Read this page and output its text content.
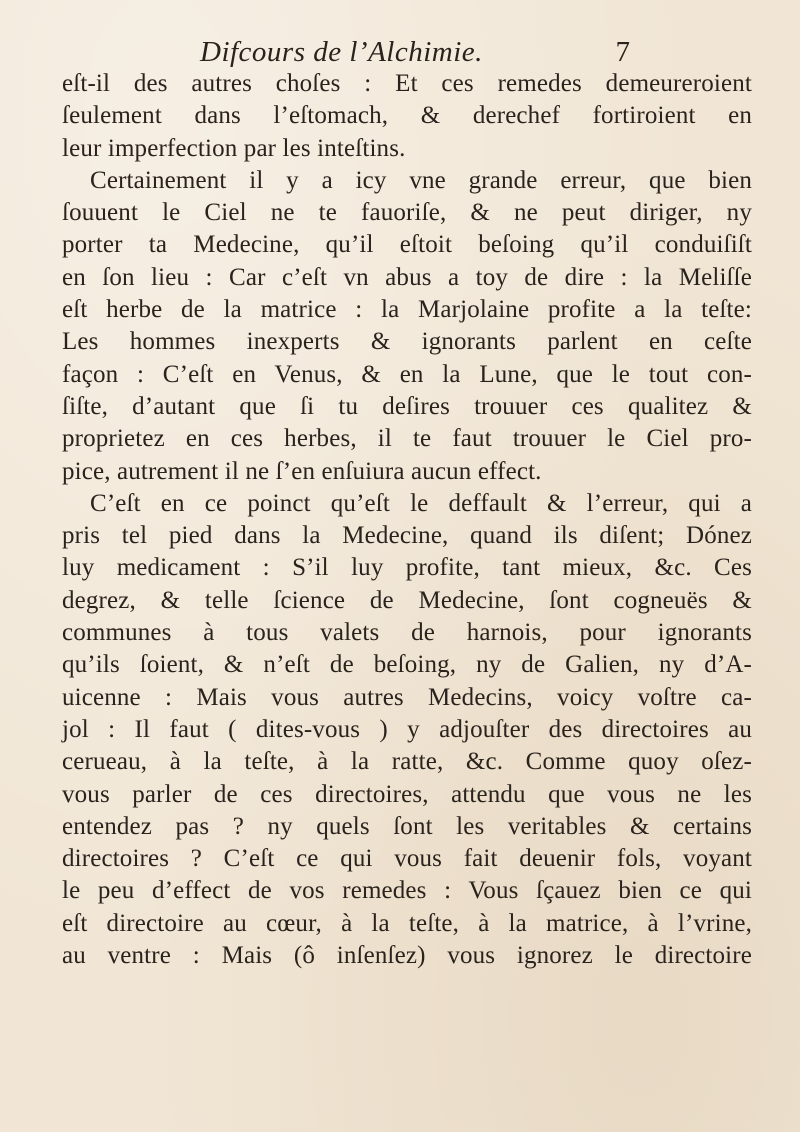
Difcours de l’Alchimie.	7
eſt-il des autres choſes : Et ces remedes demeureroient
ſeulement dans l’eſtomach, & derechef fortiroient en
leur imperfection par les inteſtins.
Certainement il y a icy vne grande erreur, que bien
ſouuent le Ciel ne te fauoriſe, & ne peut diriger, ny
porter ta Medecine, qu’il eſtoit beſoing qu’il conduiſiſt
en ſon lieu : Car c’eſt vn abus a toy de dire : la Meliſſe
eſt herbe de la matrice : la Marjolaine profite a la teſte:
Les hommes inexperts & ignorants parlent en ceſte
façon : C’eſt en Venus, & en la Lune, que le tout con-
ſiſte, d’autant que ſi tu deſires trouuer ces qualitez &
proprietez en ces herbes, il te faut trouuer le Ciel pro-
pice, autrement il ne ſ’en enſuiura aucun effect.
C’eſt en ce poinct qu’eſt le deffault & l’erreur, qui a
pris tel pied dans la Medecine, quand ils diſent; Dónez
luy medicament : S’il luy profite, tant mieux, &c. Ces
degrez, & telle ſcience de Medecine, ſont cogneuës &
communes à tous valets de harnois, pour ignorants
qu’ils ſoient, & n’eſt de beſoing, ny de Galien, ny d’A-
uicenne : Mais vous autres Medecins, voicy voſtre ca-
jol : Il faut ( dites-vous ) y adjouſter des directoires au
cerueau, à la teſte, à la ratte, &c. Comme quoy oſez-
vous parler de ces directoires, attendu que vous ne les
entendez pas ? ny quels ſont les veritables & certains
directoires ? C’eſt ce qui vous fait deuenir fols, voyant
le peu d’effect de vos remedes : Vous ſçauez bien ce qui
eſt directoire au cœur, à la teſte, à la matrice, à l’vrine,
au ventre : Mais (ô inſenſez) vous ignorez le directoire
